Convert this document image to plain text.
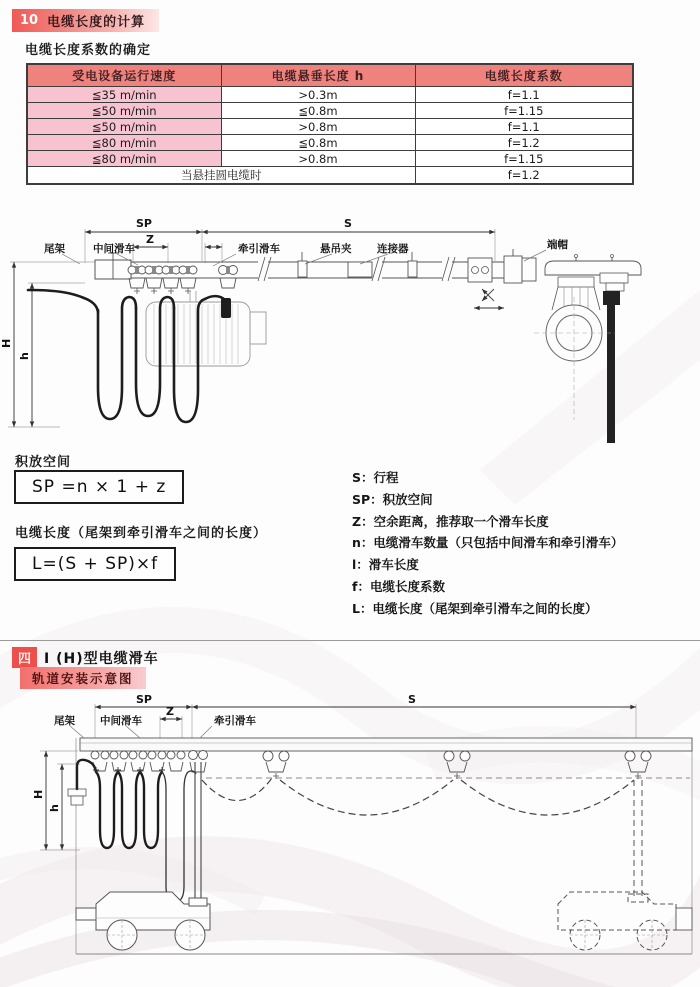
10 电缆长度的计算
电缆长度系数的确定
受电设备运行速度	电缆悬垂长度 h	电缆长度系数
≦35 m/min	>0.3m	f=1.1
≦50 m/min	≦0.8m	f=1.15
≦50 m/min	>0.8m	f=1.1
≦80 m/min	≦0.8m	f=1.2
≦80 m/min	>0.8m	f=1.15
当悬挂圆电缆时		f=1.2
SP	S
Z
H
h
尾架	中间滑车	牵引滑车	悬吊夹 连接器	端帽
积放空间
SP =n × 1 + z
电缆长度（尾架到牵引滑车之间的长度）
L=(S + SP)×f
S：行程
SP：积放空间
Z：空余距离，推荐取一个滑车长度
n：电缆滑车数量（只包括中间滑车和牵引滑车）
l：滑车长度
f：电缆长度系数
L：电缆长度（尾架到牵引滑车之间的长度）
四 I (H)型电缆滑车
轨道安装示意图
SP	S
Z
H
h
尾架 中间滑车	牵引滑车
